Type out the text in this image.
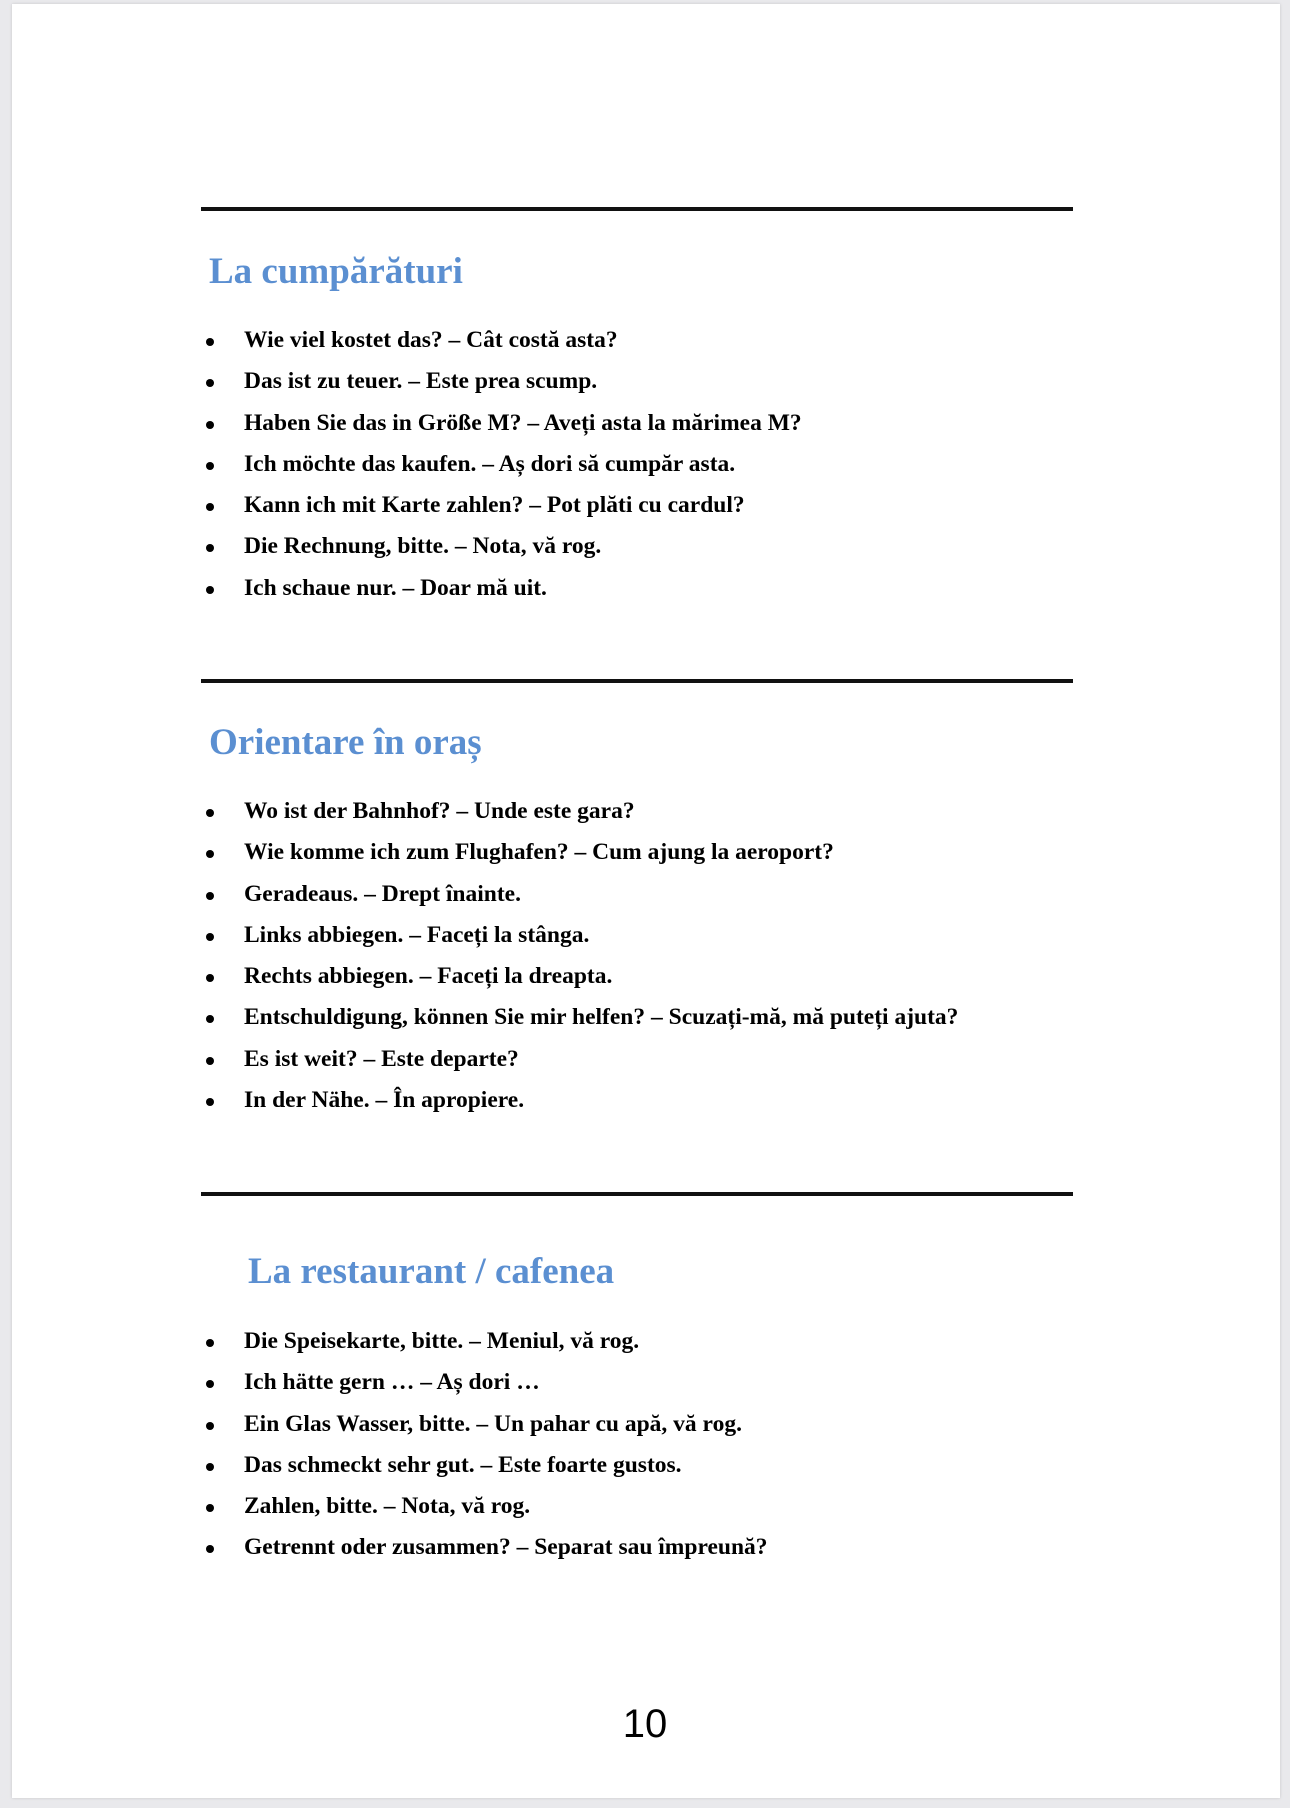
La cumpărături
Wie viel kostet das? – Cât costă asta?
Das ist zu teuer. – Este prea scump.
Haben Sie das in Größe M? – Aveți asta la mărimea M?
Ich möchte das kaufen. – Aș dori să cumpăr asta.
Kann ich mit Karte zahlen? – Pot plăti cu cardul?
Die Rechnung, bitte. – Nota, vă rog.
Ich schaue nur. – Doar mă uit.
Orientare în oraș
Wo ist der Bahnhof? – Unde este gara?
Wie komme ich zum Flughafen? – Cum ajung la aeroport?
Geradeaus. – Drept înainte.
Links abbiegen. – Faceți la stânga.
Rechts abbiegen. – Faceți la dreapta.
Entschuldigung, können Sie mir helfen? – Scuzați-mă, mă puteți ajuta?
Es ist weit? – Este departe?
In der Nähe. – În apropiere.
La restaurant / cafenea
Die Speisekarte, bitte. – Meniul, vă rog.
Ich hätte gern … – Aș dori …
Ein Glas Wasser, bitte. – Un pahar cu apă, vă rog.
Das schmeckt sehr gut. – Este foarte gustos.
Zahlen, bitte. – Nota, vă rog.
Getrennt oder zusammen? – Separat sau împreună?
10
